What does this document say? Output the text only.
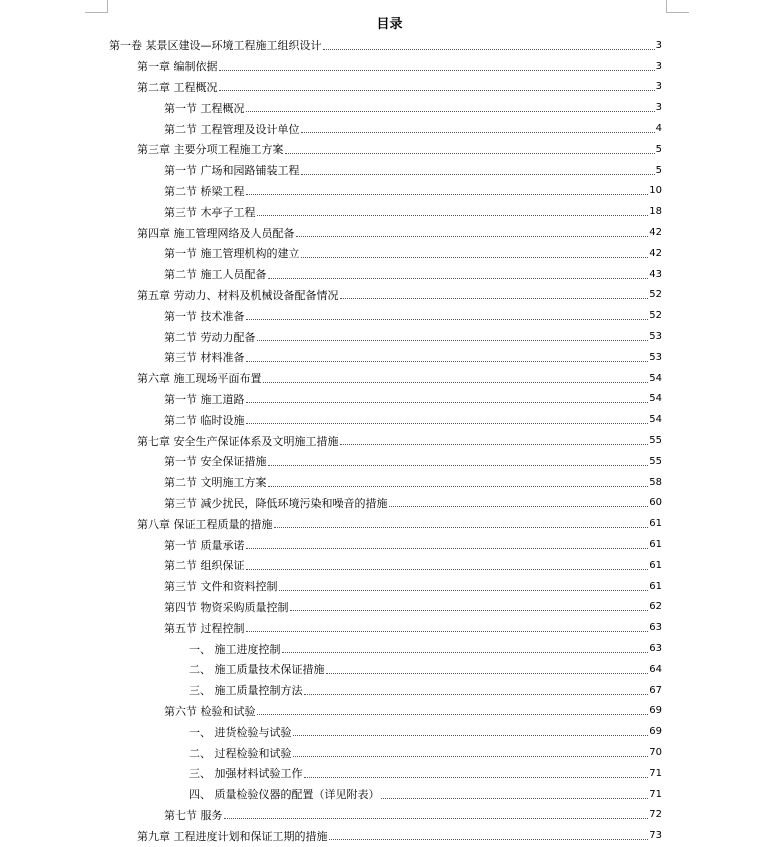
目录
第一卷 某景区建设—环境工程施工组织设计	3
第一章 编制依据	3
第二章 工程概况	3
第一节 工程概况	3
第二节 工程管理及设计单位	4
第三章 主要分项工程施工方案	5
第一节 广场和园路铺装工程	5
第二节 桥梁工程	10
第三节 木亭子工程	18
第四章 施工管理网络及人员配备	42
第一节 施工管理机构的建立	42
第二节 施工人员配备	43
第五章 劳动力、材料及机械设备配备情况	52
第一节 技术准备	52
第二节 劳动力配备	53
第三节 材料准备	53
第六章 施工现场平面布置	54
第一节 施工道路	54
第二节 临时设施	54
第七章 安全生产保证体系及文明施工措施	55
第一节 安全保证措施	55
第二节 文明施工方案	58
第三节 减少扰民，降低环境污染和噪音的措施	60
第八章 保证工程质量的措施	61
第一节 质量承诺	61
第二节 组织保证	61
第三节 文件和资料控制	61
第四节 物资采购质量控制	62
第五节 过程控制	63
一、 施工进度控制	63
二、 施工质量技术保证措施	64
三、 施工质量控制方法	67
第六节 检验和试验	69
一、 进货检验与试验	69
二、 过程检验和试验	70
三、 加强材料试验工作	71
四、 质量检验仪器的配置（详见附表）	71
第七节 服务	72
第九章 工程进度计划和保证工期的措施	73
